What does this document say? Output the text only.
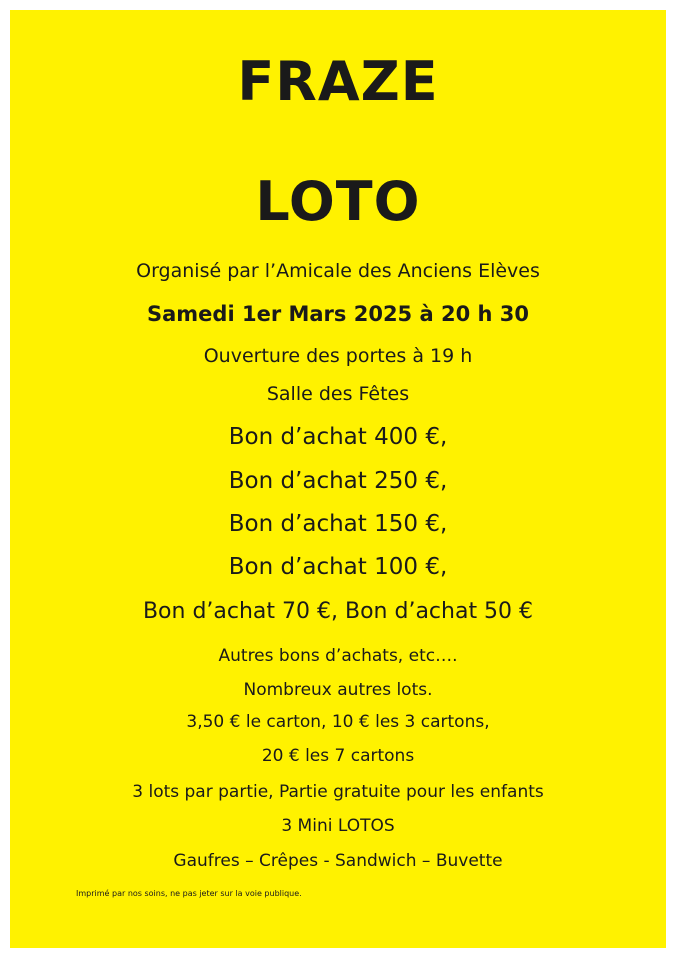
FRAZE
LOTO
Organisé par l’Amicale des Anciens Elèves
Samedi 1er Mars 2025 à 20 h 30
Ouverture des portes à 19 h
Salle des Fêtes
Bon d’achat 400 €,
Bon d’achat 250 €,
Bon d’achat 150 €,
Bon d’achat 100 €,
Bon d’achat 70 €, Bon d’achat 50 €
Autres bons d’achats, etc….
Nombreux autres lots.
3,50 € le carton, 10 € les 3 cartons,
20 € les 7 cartons
3 lots par partie, Partie gratuite pour les enfants
3 Mini LOTOS
Gaufres – Crêpes - Sandwich – Buvette
Imprimé par nos soins, ne pas jeter sur la voie publique.
